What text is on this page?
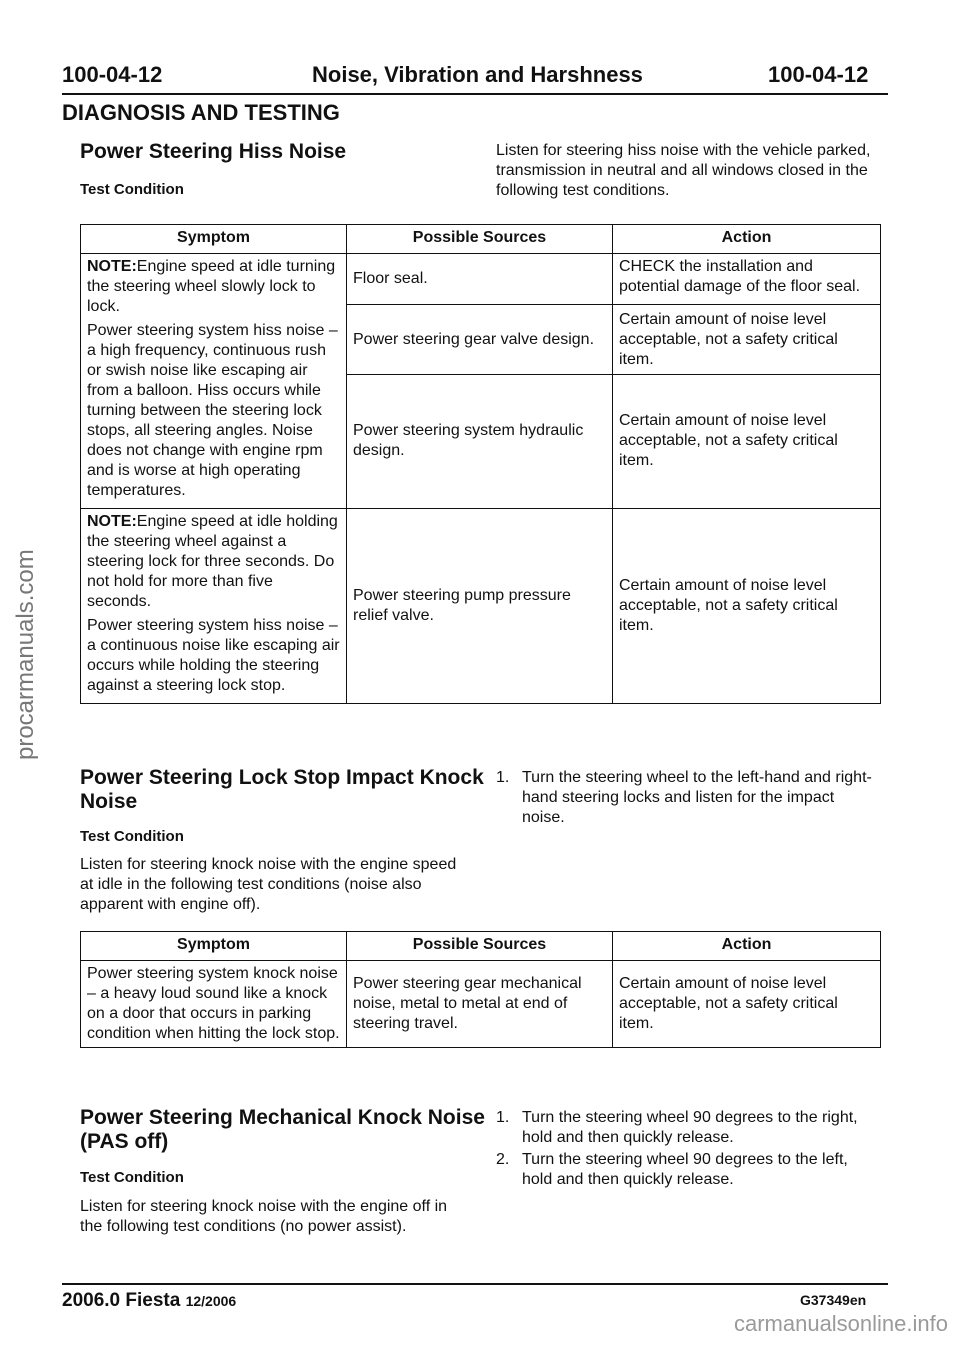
procarmanuals.com
100-04-12	Noise, Vibration and Harshness	100-04-12
DIAGNOSIS AND TESTING
Power Steering Hiss Noise
Test Condition
Listen for steering hiss noise with the vehicle parked, transmission in neutral and all windows closed in the following test conditions.
Symptom	Possible Sources	Action

NOTE:Engine speed at idle turning the steering wheel slowly lock to lock.
Power steering system hiss noise – a high frequency, continuous rush or swish noise like escaping air from a balloon. Hiss occurs while turning between the steering lock stops, all steering angles. Noise does not change with engine rpm and is worse at high operating temperatures.	Floor seal.	CHECK the installation and potential damage of the floor seal.
	Power steering gear valve design.	Certain amount of noise level acceptable, not a safety critical item.
	Power steering system hydraulic design.	Certain amount of noise level acceptable, not a safety critical item.

NOTE:Engine speed at idle holding the steering wheel against a steering lock for three seconds. Do not hold for more than five seconds.
Power steering system hiss noise – a continuous noise like escaping air occurs while holding the steering against a steering lock stop.	Power steering pump pressure relief valve.	Certain amount of noise level acceptable, not a safety critical item.
Power Steering Lock Stop Impact Knock
Noise
Test Condition
Listen for steering knock noise with the engine speed at idle in the following test conditions (noise also apparent with engine off).
1. Turn the steering wheel to the left-hand and right-hand steering locks and listen for the impact noise.
Symptom	Possible Sources	Action
Power steering system knock noise – a heavy loud sound like a knock on a door that occurs in parking condition when hitting the lock stop.	Power steering gear mechanical noise, metal to metal at end of steering travel.	Certain amount of noise level acceptable, not a safety critical item.
Power Steering Mechanical Knock Noise
(PAS off)
Test Condition
Listen for steering knock noise with the engine off in the following test conditions (no power assist).
1. Turn the steering wheel 90 degrees to the right, hold and then quickly release.
2. Turn the steering wheel 90 degrees to the left, hold and then quickly release.
2006.0 Fiesta 12/2006	G37349en
carmanualsonline.info
